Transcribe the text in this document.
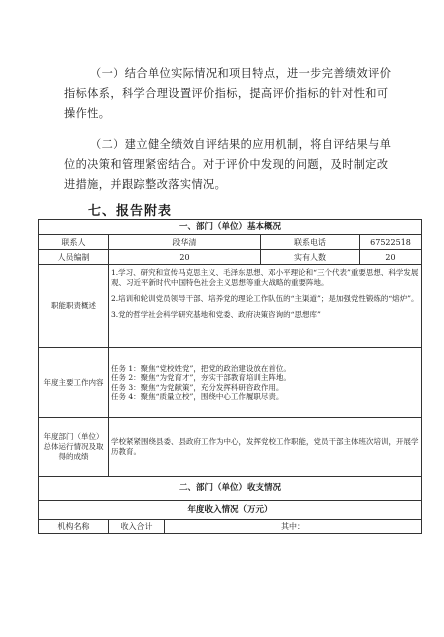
（一）结合单位实际情况和项目特点，进一步完善绩效评价指标体系，科学合理设置评价指标，提高评价指标的针对性和可操作性。

（二）建立健全绩效自评结果的应用机制，将自评结果与单位的决策和管理紧密结合。对于评价中发现的问题，及时制定改进措施，并跟踪整改落实情况。

七、报告附表
一、部门（单位）基本概况				
联系人	段华清		联系电话	67522518
人员编制	20		实有人数	20
职能职责概述	1.学习、研究和宣传马克思主义、毛泽东思想、邓小平理论和“三个代表”重要思想、科学发展观、习近平新时代中国特色社会主义思想等重大战略的重要阵地。

2.培训和轮训党员领导干部、培养党的理论工作队伍的“主渠道”；是加强党性锻炼的“熔炉”。

3.党的哲学社会科学研究基地和党委、政府决策咨询的“思想库”			

年度主要工作内容	任务 1：聚焦“党校姓党”，把党的政治建设放在首位。
任务 2：聚焦“为党育才”，夯实干部教育培训主阵地。
任务 3：聚焦“为党献策”，充分发挥科研咨政作用。
任务 4：聚焦“质量立校”，围绕中心工作履职尽责。			

年度部门（单位）总体运行情况及取得的成绩	学校紧紧围绕县委、县政府工作为中心，发挥党校工作职能，党员干部主体班次培训，开展学历教育。			
二、部门（单位）收支情况				
年度收入情况（万元）				
机构名称	收入合计	其中：		
